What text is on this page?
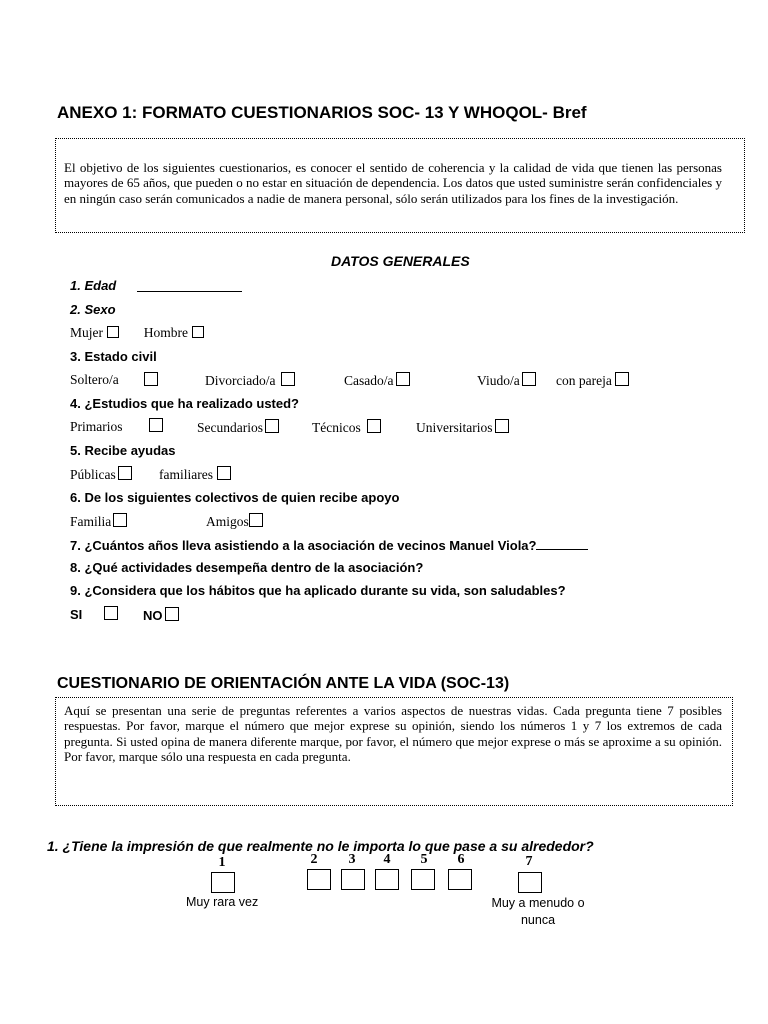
ANEXO 1: FORMATO CUESTIONARIOS SOC- 13 Y WHOQOL- Bref
El objetivo de los siguientes cuestionarios, es conocer el sentido de coherencia y la calidad de vida que tienen las personas mayores de 65 años, que pueden o no estar en situación de dependencia. Los datos que usted suministre serán confidenciales y en ningún caso serán comunicados a nadie de manera personal, sólo serán utilizados para los fines de la investigación.
DATOS GENERALES
1. Edad
2. Sexo
Mujer	Hombre
3. Estado civil
Soltero/a	Divorciado/a	Casado/a	Viudo/a	con pareja
4. ¿Estudios que ha realizado usted?
Primarios	Secundarios	Técnicos	Universitarios
5. Recibe ayudas
Públicas	familiares
6. De los siguientes colectivos de quien recibe apoyo
Familia	Amigos
7. ¿Cuántos años lleva asistiendo a la asociación de vecinos Manuel Viola?
8. ¿Qué actividades desempeña dentro de la asociación?
9. ¿Considera que los hábitos que ha aplicado durante su vida, son saludables?
SI	NO
CUESTIONARIO DE ORIENTACIÓN ANTE LA VIDA (SOC-13)
Aquí se presentan una serie de preguntas referentes a varios aspectos de nuestras vidas. Cada pregunta tiene 7 posibles respuestas. Por favor, marque el número que mejor exprese su opinión, siendo los números 1 y 7 los extremos de cada pregunta. Si usted opina de manera diferente marque, por favor, el número que mejor exprese o más se aproxime a su opinión. Por favor, marque sólo una respuesta en cada pregunta.
1. ¿Tiene la impresión de que realmente no le importa lo que pase a su alrededor?
1	2	3	4	5	6	7
Muy rara vez	Muy a menudo o nunca
